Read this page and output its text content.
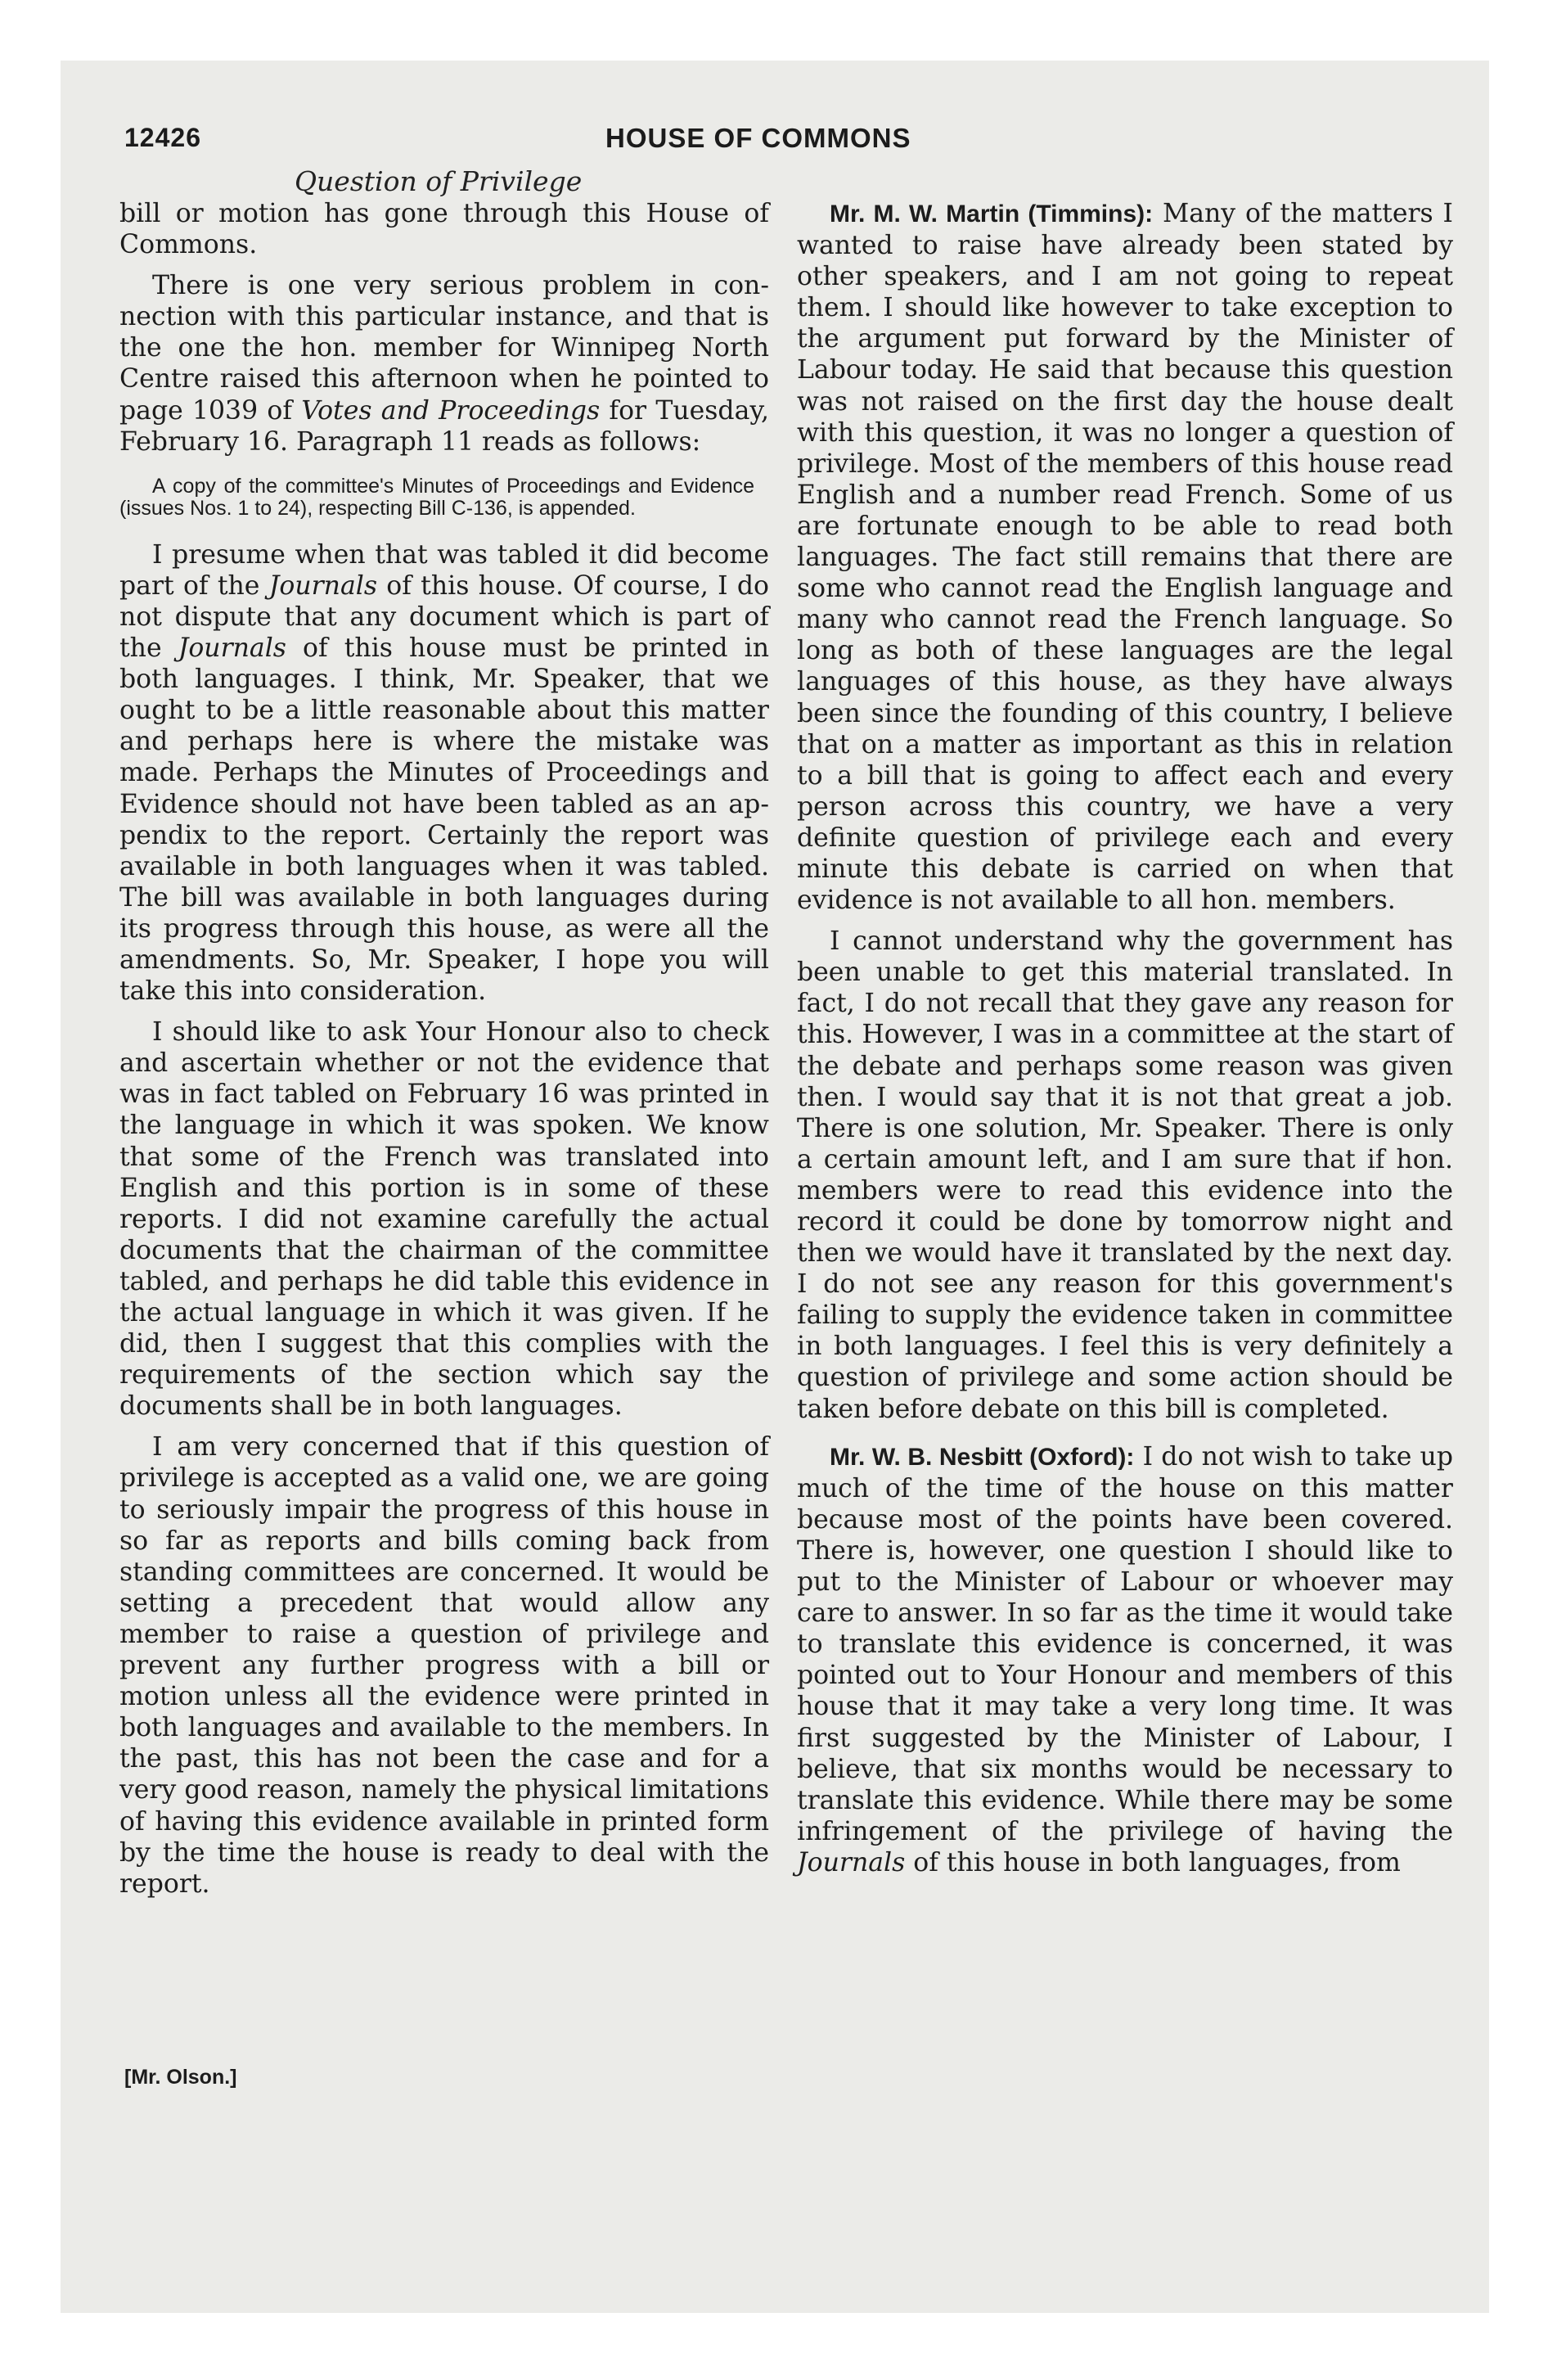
12426	HOUSE OF COMMONS
Question of Privilege

bill or motion has gone through this House of Commons.

There is one very serious problem in connection with this particular instance, and that is the one the hon. member for Winnipeg North Centre raised this afternoon when he pointed to page 1039 of Votes and Proceedings for Tuesday, February 16. Paragraph 11 reads as follows:

A copy of the committee's Minutes of Proceedings and Evidence (issues Nos. 1 to 24), respecting Bill C-136, is appended.

I presume when that was tabled it did become part of the Journals of this house. Of course, I do not dispute that any document which is part of the Journals of this house must be printed in both languages. I think, Mr. Speaker, that we ought to be a little reasonable about this matter and perhaps here is where the mistake was made. Perhaps the Minutes of Proceedings and Evidence should not have been tabled as an appendix to the report. Certainly the report was available in both languages when it was tabled. The bill was available in both languages during its progress through this house, as were all the amendments. So, Mr. Speaker, I hope you will take this into consideration.

I should like to ask Your Honour also to check and ascertain whether or not the evidence that was in fact tabled on February 16 was printed in the language in which it was spoken. We know that some of the French was translated into English and this portion is in some of these reports. I did not examine carefully the actual documents that the chairman of the committee tabled, and perhaps he did table this evidence in the actual language in which it was given. If he did, then I suggest that this complies with the requirements of the section which say the documents shall be in both languages.

I am very concerned that if this question of privilege is accepted as a valid one, we are going to seriously impair the progress of this house in so far as reports and bills coming back from standing committees are concerned. It would be setting a precedent that would allow any member to raise a question of privilege and prevent any further progress with a bill or motion unless all the evidence were printed in both languages and available to the members. In the past, this has not been the case and for a very good reason, namely the physical limitations of having this evidence available in printed form by the time the house is ready to deal with the report.

[Mr. Olson.]

Mr. M. W. Martin (Timmins): Many of the matters I wanted to raise have already been stated by other speakers, and I am not going to repeat them. I should like however to take exception to the argument put forward by the Minister of Labour today. He said that because this question was not raised on the first day the house dealt with this question, it was no longer a question of privilege. Most of the members of this house read English and a number read French. Some of us are fortunate enough to be able to read both languages. The fact still remains that there are some who cannot read the English language and many who cannot read the French language. So long as both of these languages are the legal languages of this house, as they have always been since the founding of this country, I believe that on a matter as important as this in relation to a bill that is going to affect each and every person across this country, we have a very definite question of privilege each and every minute this debate is carried on when that evidence is not available to all hon. members.

I cannot understand why the government has been unable to get this material translated. In fact, I do not recall that they gave any reason for this. However, I was in a committee at the start of the debate and perhaps some reason was given then. I would say that it is not that great a job. There is one solution, Mr. Speaker. There is only a certain amount left, and I am sure that if hon. members were to read this evidence into the record it could be done by tomorrow night and then we would have it translated by the next day. I do not see any reason for this government's failing to supply the evidence taken in committee in both languages. I feel this is very definitely a question of privilege and some action should be taken before debate on this bill is completed.

Mr. W. B. Nesbitt (Oxford): I do not wish to take up much of the time of the house on this matter because most of the points have been covered. There is, however, one question I should like to put to the Minister of Labour or whoever may care to answer. In so far as the time it would take to translate this evidence is concerned, it was pointed out to Your Honour and members of this house that it may take a very long time. It was first suggested by the Minister of Labour, I believe, that six months would be necessary to translate this evidence. While there may be some infringement of the privilege of having the Journals of this house in both languages, from
